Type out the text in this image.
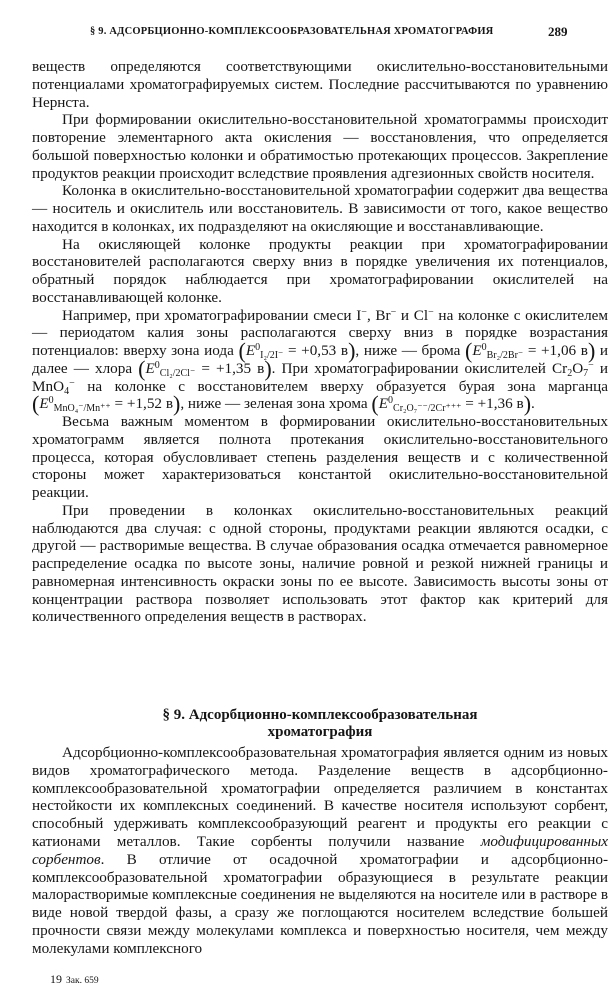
§ 9. АДСОРБЦИОННО-КОМПЛЕКСООБРАЗОВАТЕЛЬНАЯ ХРОМАТОГРАФИЯ	289

веществ определяются соответствующими окислительно-восстановительными потенциалами хроматографируемых систем. Последние рассчитываются по уравнению Нернста.

При формировании окислительно-восстановительной хроматограммы происходит повторение элементарного акта окисления — восстановления, что определяется большой поверхностью колонки и обратимостью протекающих процессов. Закрепление продуктов реакции происходит вследствие проявления адгезионных свойств носителя.

Колонка в окислительно-восстановительной хроматографии содержит два вещества — носитель и окислитель или восстановитель. В зависимости от того, какое вещество находится в колонках, их подразделяют на окисляющие и восстанавливающие.

На окисляющей колонке продукты реакции при хроматографировании восстановителей располагаются сверху вниз в порядке увеличения их потенциалов, обратный порядок наблюдается при хроматографировании окислителей на восстанавливающей колонке.

Например, при хроматографировании смеси I−, Br− и Cl− на колонке с окислителем — периодатом калия зоны располагаются сверху вниз в порядке возрастания потенциалов: вверху зона иода ($E^0_{I_2/2I^-} = +0,53$ в), ниже — брома ($E^0_{Br_2/2Br^-} = +1,06$ в) и далее — хлора ($E^0_{Cl_2/2Cl^-} = +1,35$ в). При хроматографировании окислителей $Cr_2O_7^-$ и MnO$_4$− на колонке с восстановителем вверху образуется бурая зона марганца ($E^0_{MnO_4^-/Mn^{++}} = +1,52$ в), ниже — зеленая зона хрома ($E^0_{Cr_2O_7^{--}/2Cr^{+++}} = +1,36$ в).

Весьма важным моментом в формировании окислительно-восстановительных хроматограмм является полнота протекания окислительно-восстановительного процесса, которая обусловливает степень разделения веществ и с количественной стороны может характеризоваться константой окислительно-восстановительной реакции.

При проведении в колонках окислительно-восстановительных реакций наблюдаются два случая: с одной стороны, продуктами реакции являются осадки, с другой — растворимые вещества. В случае образования осадка отмечается равномерное распределение осадка по высоте зоны, наличие ровной и резкой нижней границы и равномерная интенсивность окраски зоны по ее высоте. Зависимость высоты зоны от концентрации раствора позволяет использовать этот фактор как критерий для количественного определения веществ в растворах.

§ 9. Адсорбционно-комплексообразовательная
хроматография

Адсорбционно-комплексообразовательная хроматография является одним из новых видов хроматографического метода. Разделение веществ в адсорбционно-комплексообразовательной хроматографии определяется различием в константах нестойкости их комплексных соединений. В качестве носителя используют сорбент, способный удерживать комплексообразующий реагент и продукты его реакции с катионами металлов. Такие сорбенты получили название модифицированных сорбентов. В отличие от осадочной хроматографии и адсорбционно-комплексообразовательной хроматографии образующиеся в результате реакции малорастворимые комплексные соединения не выделяются на носителе или в растворе в виде новой твердой фазы, а сразу же поглощаются носителем вследствие большей прочности связи между молекулами комплекса и поверхностью носителя, чем между молекулами комплексного

19 Зак. 659
